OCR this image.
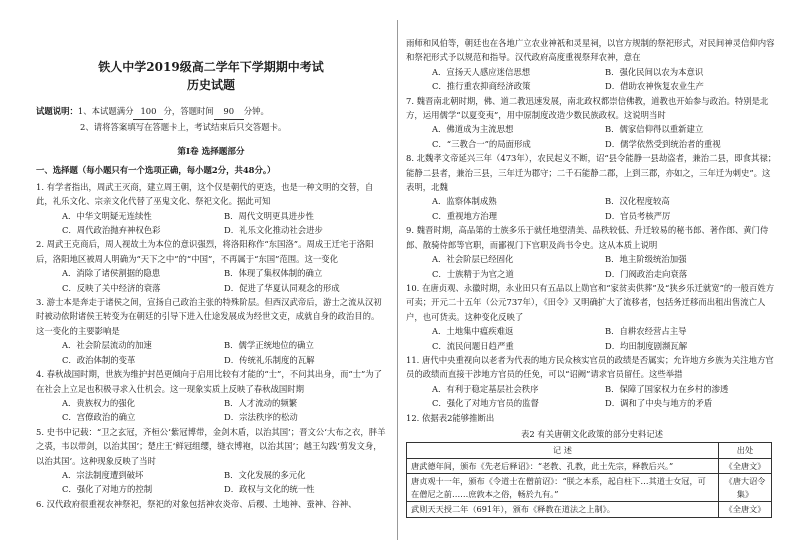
铁人中学2019级高二学年下学期期中考试
历史试题
试题说明：1、本试题满分 100 分，答题时间 90 分钟。
2、请将答案填写在答题卡上，考试结束后只交答题卡。
第Ⅰ卷 选择题部分
一、选择题（每小题只有一个选项正确，每小题2分，共48分。）

1. 有学者指出，周武王灭商，建立周王朝，这个仅是朝代的更迭，也是一种文明的交替，自此，礼乐文化、宗亲文化代替了巫鬼文化、祭祀文化。据此可知

A．中华文明疑无连续性	B．周代文明更具进步性
C．周代政治抛弃神权色彩	D．礼乐文化推动社会进步

2. 周武王克商后，周人视故土为本位的意识强烈，将洛阳称作“东国洛”。周成王迁宅于洛阳后，洛阳地区被周人明确为“天下之中”的“中国”，不再属于“东国”范围。这一变化

A．消除了诸侯割据的隐患	B．体现了集权体制的确立
C．反映了关中经济的衰落	D．促进了华夏认同观念的形成

3. 游士本是奔走于诸侯之间，宣扬自己政治主张的特殊阶层。但西汉武帝后，游士之流从汉初时被动依附诸侯王转变为在朝廷的引导下进入仕途发展成为经世文吏，成就自身的政治目的。这一变化的主要影响是

A．社会阶层流动的加速	B．儒学正统地位的确立
C．政治体制的变革	D．传统礼乐制度的瓦解

4. 春秋战国时期，世族为维护封邑更倾向于启用比较有才能的“士”，不问其出身，而“士”为了在社会上立足也积极寻求入仕机会。这一现象实质上反映了春秋战国时期

A．贵族权力的强化	B．人才流动的频繁
C．宫僚政治的确立	D．宗法秩序的松动

5. 史书中记载：“卫之玄冠，齐桓公‘紫冠博带，金剑木盾，以治其国’；晋文公‘大布之衣，胖羊之裘，韦以带剑，以治其国’；楚庄王‘鲜冠组缨，缝衣博袍，以治其国’；越王勾践‘剪发文身，以治其国’。这种现象反映了当时

A．宗法制度遭到破坏	B．文化发展的多元化
C．强化了对地方的控制	D．政权与文化的统一性

6. 汉代政府很重视农神祭祀，祭祀的对象包括神农炎帝、后稷、土地神、蚕神、谷神、

雨师和风伯等，朝廷也在各地广立农业神祇和灵星祠，以官方规制的祭祀形式，对民间神灵信仰内容和祭祀形式予以规范和指导。汉代政府高度重视祭拜农神，意在

A．宣扬天人感应迷信思想	B．强化民间以农为本意识
C．推行重农抑商经济政策	D．借助农神恢复农业生产

7. 魏晋南北朝时期，佛、道二教迅速发展，南北政权都崇信佛教，道教也开始参与政治。特别是北方，运用儒学“以夏变夷”，用中原制度改造少数民族政权。这说明当时

A．佛道成为主流思想	B．儒家信仰得以重新建立
C．“三教合一”的局面形成	D．儒学依然受到统治者的重视

8. 北魏孝文帝延兴三年（473年），农民起义不断，诏“县令能静一县劫盗者，兼治二县，即食其禄；能静二县者，兼治三县，三年迁为郡守；二千石能静二郡，上到三郡，亦如之，三年迁为刺史”。这表明，北魏

A．监察体制成熟	B．汉化程度较高
C．重视地方治理	D．官员考核严厉

9. 魏晋时期，高品第的士族多乐于就任地望清美、品秩较低、升迁较易的秘书郎、著作郎、黄门侍郎、散骑侍郎等官职，而鄙视门下官职及尚书令史。这从本质上说明

A．社会阶层已经固化	B．地主阶级统治加强
C．士族精于为官之道	D．门阀政治走向衰落

10. 在唐贞观、永徽时期，永业田只有五品以上勋官和“家贫卖供葬”及“狭乡乐迁就宽”的一般百姓方可卖；开元二十五年（公元737年），《田令》又明确扩大了流移者，包括务迁移而出租出售流亡人户，也可货卖。这种变化反映了

A．土地集中瘟疾难返	B．自耕农经营占主导
C．流民问题日趋严重	D．均田制度剧濒瓦解

11. 唐代中央重视向以老者为代表的地方民众核实官员的政绩是否属实；允许地方乡族为关注地方官员的政绩而直接干涉地方官员的任免，可以“诏阙”请求官员留任。这些举措

A．有利于稳定基层社会秩序	B．保障了国家权力在乡村的渗透
C．强化了对地方官员的监督	D．调和了中央与地方的矛盾

12. 依据表2能够推断出

表2 有关唐朝文化政策的部分史料记述
记 述	出处
唐武德年间，颁布《先老后释诏》：“老教、孔教，此土先宗，释教后兴。”	《全唐文》
唐贞观十一年，颁布《令道士在僧前诏》：“朕之本系，起自柱下…其道士女冠，可在僧尼之前……庶敦本之俗，畅於九有。”	《唐大诏令集》
武则天天授二年（691年），颁布《释教在道法之上制》。	《全唐文》
